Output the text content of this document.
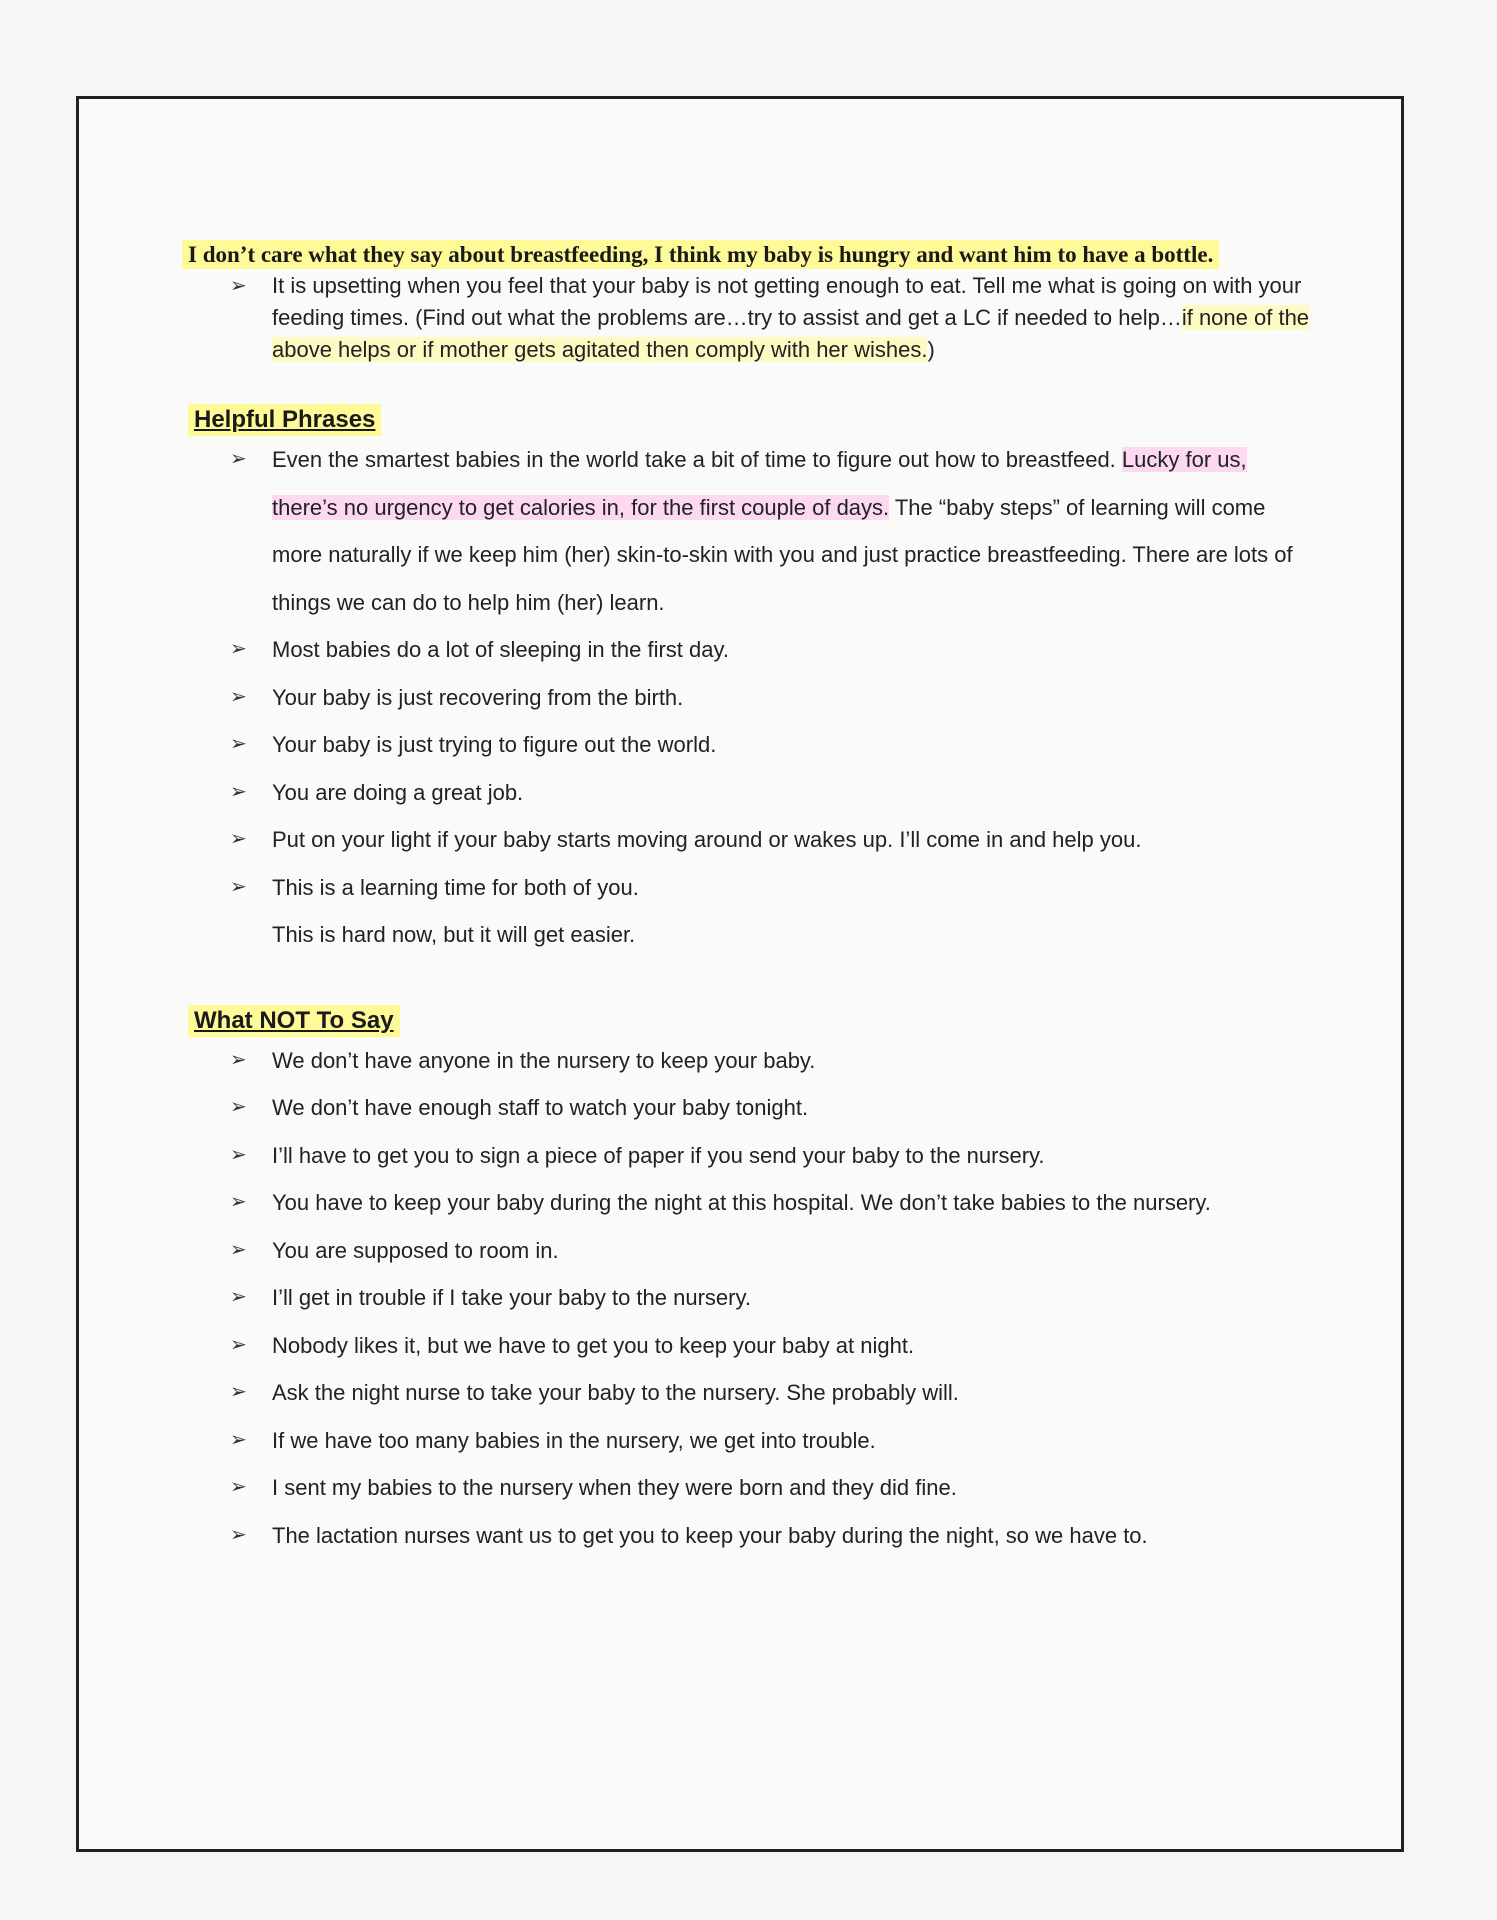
I don’t care what they say about breastfeeding, I think my baby is hungry and want him to have a bottle.

➢ It is upsetting when you feel that your baby is not getting enough to eat. Tell me what is going on with your feeding times. (Find out what the problems are…try to assist and get a LC if needed to help…if none of the above helps or if mother gets agitated then comply with her wishes.)
Helpful Phrases
➢ Even the smartest babies in the world take a bit of time to figure out how to breastfeed. Lucky for us, there’s no urgency to get calories in, for the first couple of days. The “baby steps” of learning will come more naturally if we keep him (her) skin-to-skin with you and just practice breastfeeding. There are lots of things we can do to help him (her) learn.
➢ Most babies do a lot of sleeping in the first day.
➢ Your baby is just recovering from the birth.
➢ Your baby is just trying to figure out the world.
➢ You are doing a great job.
➢ Put on your light if your baby starts moving around or wakes up. I’ll come in and help you.
➢ This is a learning time for both of you.
This is hard now, but it will get easier.
What NOT To Say
➢ We don’t have anyone in the nursery to keep your baby.
➢ We don’t have enough staff to watch your baby tonight.
➢ I’ll have to get you to sign a piece of paper if you send your baby to the nursery.
➢ You have to keep your baby during the night at this hospital. We don’t take babies to the nursery.
➢ You are supposed to room in.
➢ I’ll get in trouble if I take your baby to the nursery.
➢ Nobody likes it, but we have to get you to keep your baby at night.
➢ Ask the night nurse to take your baby to the nursery. She probably will.
➢ If we have too many babies in the nursery, we get into trouble.
➢ I sent my babies to the nursery when they were born and they did fine.
➢ The lactation nurses want us to get you to keep your baby during the night, so we have to.
